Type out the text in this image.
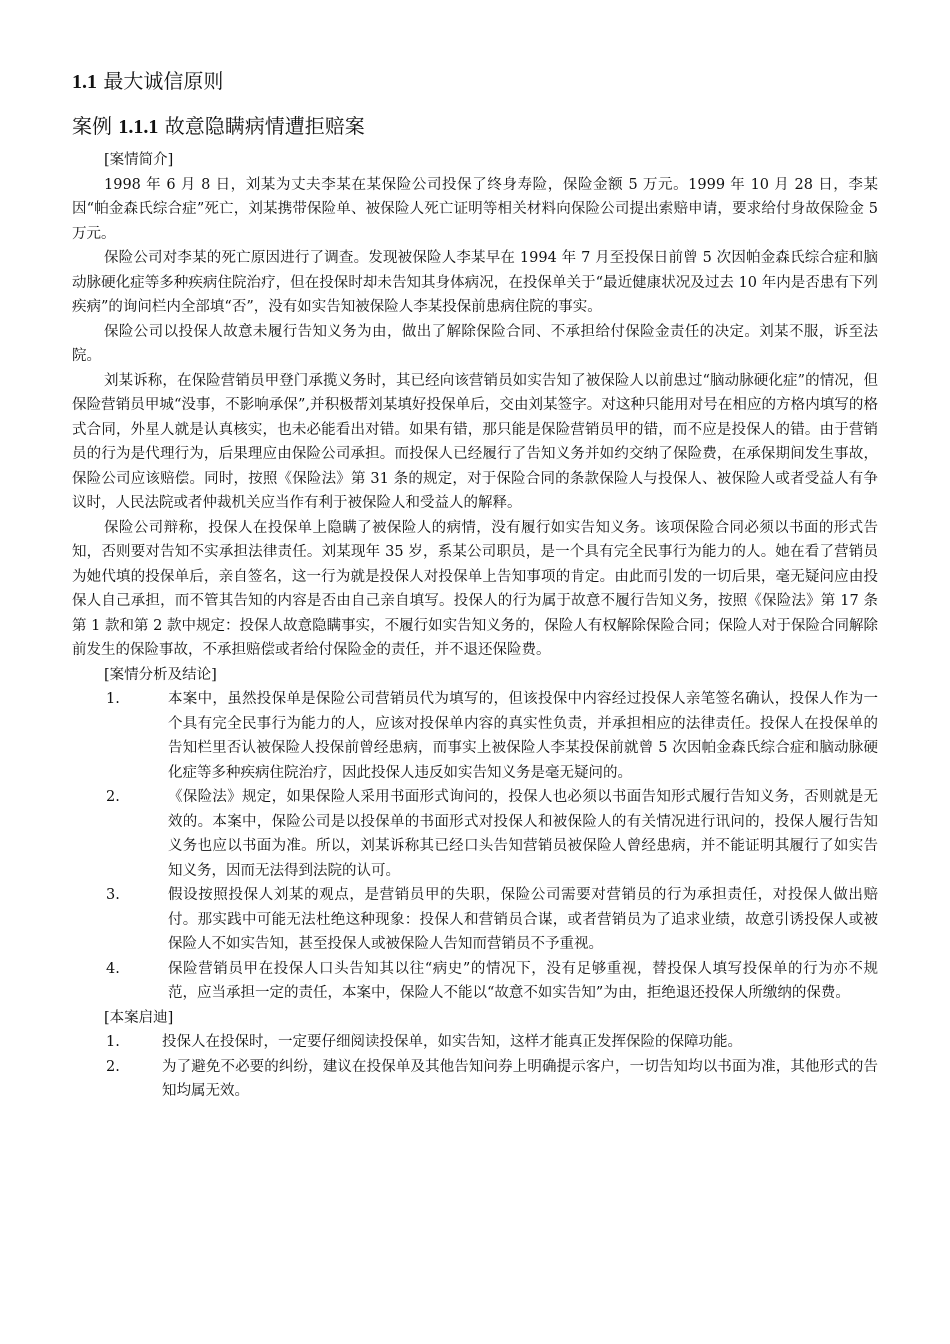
1.1 最大诚信原则
案例 1.1.1 故意隐瞒病情遭拒赔案
[案情简介]

1998 年 6 月 8 日，刘某为丈夫李某在某保险公司投保了终身寿险，保险金额 5 万元。1999 年 10 月 28 日，李某因“帕金森氏综合症”死亡，刘某携带保险单、被保险人死亡证明等相关材料向保险公司提出索赔申请，要求给付身故保险金 5 万元。

保险公司对李某的死亡原因进行了调查。发现被保险人李某早在 1994 年 7 月至投保日前曾 5 次因帕金森氏综合症和脑动脉硬化症等多种疾病住院治疗，但在投保时却未告知其身体病况，在投保单关于“最近健康状况及过去 10 年内是否患有下列疾病”的询问栏内全部填“否”，没有如实告知被保险人李某投保前患病住院的事实。

保险公司以投保人故意未履行告知义务为由，做出了解除保险合同、不承担给付保险金责任的决定。刘某不服，诉至法院。

刘某诉称，在保险营销员甲登门承揽义务时，其已经向该营销员如实告知了被保险人以前患过“脑动脉硬化症”的情况，但保险营销员甲城“没事，不影响承保”,并积极帮刘某填好投保单后，交由刘某签字。对这种只能用对号在相应的方格内填写的格式合同，外星人就是认真核实，也未必能看出对错。如果有错，那只能是保险营销员甲的错，而不应是投保人的错。由于营销员的行为是代理行为，后果理应由保险公司承担。而投保人已经履行了告知义务并如约交纳了保险费，在承保期间发生事故，保险公司应该赔偿。同时，按照《保险法》第 31 条的规定，对于保险合同的条款保险人与投保人、被保险人或者受益人有争议时，人民法院或者仲裁机关应当作有利于被保险人和受益人的解释。

保险公司辩称，投保人在投保单上隐瞒了被保险人的病情，没有履行如实告知义务。该项保险合同必须以书面的形式告知，否则要对告知不实承担法律责任。刘某现年 35 岁，系某公司职员，是一个具有完全民事行为能力的人。她在看了营销员为她代填的投保单后，亲自签名，这一行为就是投保人对投保单上告知事项的肯定。由此而引发的一切后果，毫无疑问应由投保人自己承担，而不管其告知的内容是否由自己亲自填写。投保人的行为属于故意不履行告知义务，按照《保险法》第 17 条第 1 款和第 2 款中规定：投保人故意隐瞒事实，不履行如实告知义务的，保险人有权解除保险合同；保险人对于保险合同解除前发生的保险事故，不承担赔偿或者给付保险金的责任，并不退还保险费。

[案情分析及结论]
1.	本案中，虽然投保单是保险公司营销员代为填写的，但该投保中内容经过投保人亲笔签名确认，投保人作为一个具有完全民事行为能力的人，应该对投保单内容的真实性负责，并承担相应的法律责任。投保人在投保单的告知栏里否认被保险人投保前曾经患病，而事实上被保险人李某投保前就曾 5 次因帕金森氏综合症和脑动脉硬化症等多种疾病住院治疗，因此投保人违反如实告知义务是毫无疑问的。
2.	《保险法》规定，如果保险人采用书面形式询问的，投保人也必须以书面告知形式履行告知义务，否则就是无效的。本案中，保险公司是以投保单的书面形式对投保人和被保险人的有关情况进行讯问的，投保人履行告知义务也应以书面为准。所以，刘某诉称其已经口头告知营销员被保险人曾经患病，并不能证明其履行了如实告知义务，因而无法得到法院的认可。
3.	假设按照投保人刘某的观点，是营销员甲的失职，保险公司需要对营销员的行为承担责任，对投保人做出赔付。那实践中可能无法杜绝这种现象：投保人和营销员合谋，或者营销员为了追求业绩，故意引诱投保人或被保险人不如实告知，甚至投保人或被保险人告知而营销员不予重视。
4.	保险营销员甲在投保人口头告知其以往“病史”的情况下，没有足够重视，替投保人填写投保单的行为亦不规范，应当承担一定的责任，本案中，保险人不能以“故意不如实告知”为由，拒绝退还投保人所缴纳的保费。
[本案启迪]
1.	投保人在投保时，一定要仔细阅读投保单，如实告知，这样才能真正发挥保险的保障功能。
2.	为了避免不必要的纠纷，建议在投保单及其他告知问券上明确提示客户，一切告知均以书面为准，其他形式的告知均属无效。
